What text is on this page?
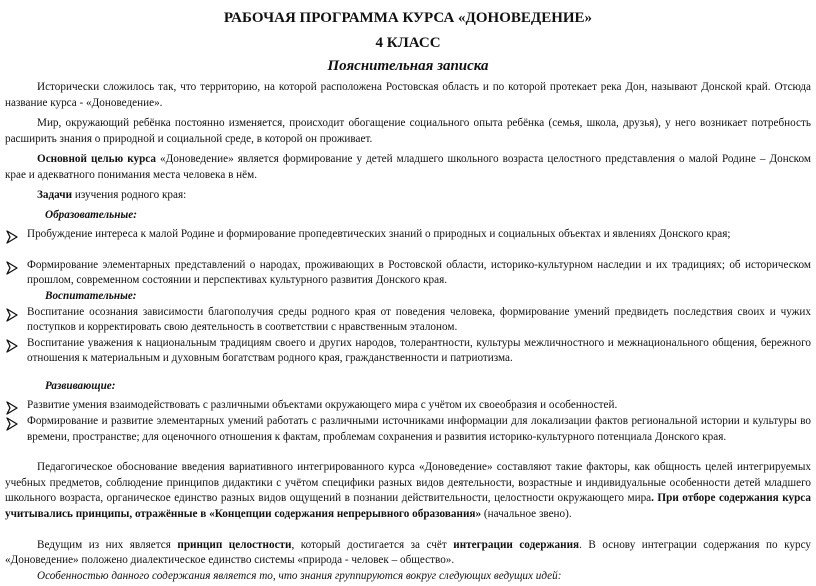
РАБОЧАЯ ПРОГРАММА КУРСА «ДОНОВЕДЕНИЕ»
4 КЛАСС
Пояснительная записка
Исторически сложилось так, что территорию, на которой расположена Ростовская область и по которой протекает река Дон, называют Донской край. Отсюда название курса - «Доноведение».
Мир, окружающий ребёнка постоянно изменяется, происходит обогащение социального опыта ребёнка (семья, школа, друзья), у него возникает потребность расширить знания о природной и социальной среде, в которой он проживает.
Основной целью курса «Доноведение» является формирование у детей младшего школьного возраста целостного представления о малой Родине – Донском крае и адекватного понимания места человека в нём.
Задачи изучения родного края:
Образовательные:
Пробуждение интереса к малой Родине и формирование пропедевтических знаний о природных и социальных объектах и явлениях Донского края;
Формирование элементарных представлений о народах, проживающих в Ростовской области, историко-культурном наследии и их традициях; об историческом прошлом, современном состоянии и перспективах культурного развития Донского края.
Воспитательные:
Воспитание осознания зависимости благополучия среды родного края от поведения человека, формирование умений предвидеть последствия своих и чужих поступков и корректировать свою деятельность в соответствии с нравственным эталоном.
Воспитание уважения к национальным традициям своего и других народов, толерантности, культуры межличностного и межнационального общения, бережного отношения к материальным и духовным богатствам родного края, гражданственности и патриотизма.
Развивающие:
Развитие умения взаимодействовать с различными объектами окружающего мира с учётом их своеобразия и особенностей.
Формирование и развитие элементарных умений работать с различными источниками информации для локализации фактов региональной истории и культуры во времени, пространстве; для оценочного отношения к фактам, проблемам сохранения и развития историко-культурного потенциала Донского края.
Педагогическое обоснование введения вариативного интегрированного курса «Доноведение» составляют такие факторы, как общность целей интегрируемых учебных предметов, соблюдение принципов дидактики с учётом специфики разных видов деятельности, возрастные и индивидуальные особенности детей младшего школьного возраста, органическое единство разных видов ощущений в познании действительности, целостности окружающего мира. При отборе содержания курса учитывались принципы, отражённые в «Концепции содержания непрерывного образования» (начальное звено).
Ведущим из них является принцип целостности, который достигается за счёт интеграции содержания. В основу интеграции содержания по курсу «Доноведение» положено диалектическое единство системы «природа - человек – общество».
Особенностью данного содержания является то, что знания группируются вокруг следующих ведущих идей:
